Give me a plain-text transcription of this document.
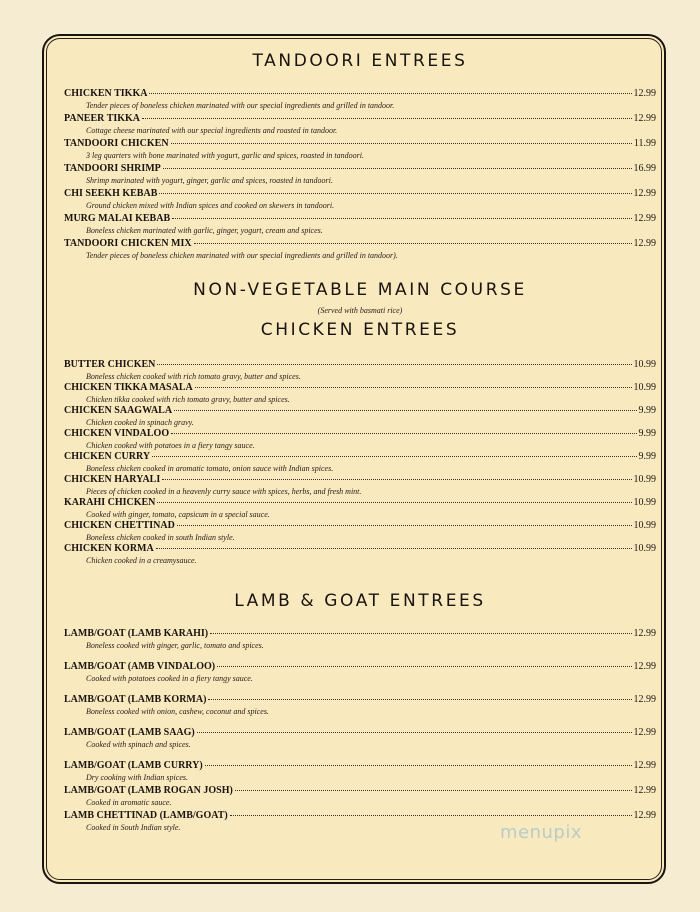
TANDOORI ENTREES
CHICKEN TIKKA	12.99
Tender pieces of boneless chicken marinated with our special ingredients and grilled in tandoor.
PANEER TIKKA	12.99
Cottage cheese marinated with our special ingredients and roasted in tandoor.
TANDOORI CHICKEN	11.99
3 leg quarters with bone marinated with yogurt, garlic and spices, roasted in tandoori.
TANDOORI SHRIMP	16.99
Shrimp marinated with yogurt, ginger, garlic and spices, roasted in tandoori.
CHI SEEKH KEBAB	12.99
Ground chicken mixed with Indian spices and cooked on skewers in tandoori.
MURG MALAI KEBAB	12.99
Boneless chicken marinated with garlic, ginger, yogurt, cream and spices.
TANDOORI CHICKEN MIX	12.99
Tender pieces of boneless chicken marinated with our special ingredients and grilled in tandoor).
NON-VEGETABLE MAIN COURSE
(Served with basmati rice)
CHICKEN ENTREES
BUTTER CHICKEN	10.99
Boneless chicken cooked with rich tomato gravy, butter and spices.
CHICKEN TIKKA MASALA	10.99
Chicken tikka cooked with rich tomato gravy, butter and spices.
CHICKEN SAAGWALA	9.99
Chicken cooked in spinach gravy.
CHICKEN VINDALOO	9.99
Chicken cooked with potatoes in a fiery tangy sauce.
CHICKEN CURRY	9.99
Boneless chicken cooked in aromatic tomato, onion sauce with Indian spices.
CHICKEN HARYALI	10.99
Pieces of chicken cooked in a heavenly curry sauce with spices, herbs, and fresh mint.
KARAHI CHICKEN	10.99
Cooked with ginger, tomato, capsicum in a special sauce.
CHICKEN CHETTINAD	10.99
Boneless chicken cooked in south Indian style.
CHICKEN KORMA	10.99
Chicken cooked in a creamysauce.
LAMB & GOAT ENTREES
LAMB/GOAT (LAMB KARAHI)	12.99
Boneless cooked with ginger, garlic, tomato and spices.
LAMB/GOAT (AMB VINDALOO)	12.99
Cooked with potatoes cooked in a fiery tangy sauce.
LAMB/GOAT (LAMB KORMA)	12.99
Boneless cooked with onion, cashew, coconut and spices.
LAMB/GOAT (LAMB SAAG)	12.99
Cooked with spinach and spices.
LAMB/GOAT (LAMB CURRY)	12.99
Dry cooking with Indian spices.
LAMB/GOAT (LAMB ROGAN JOSH)	12.99
Cooked in aromatic sauce.
LAMB CHETTINAD (LAMB/GOAT)	12.99
Cooked in South Indian style.	menupix
